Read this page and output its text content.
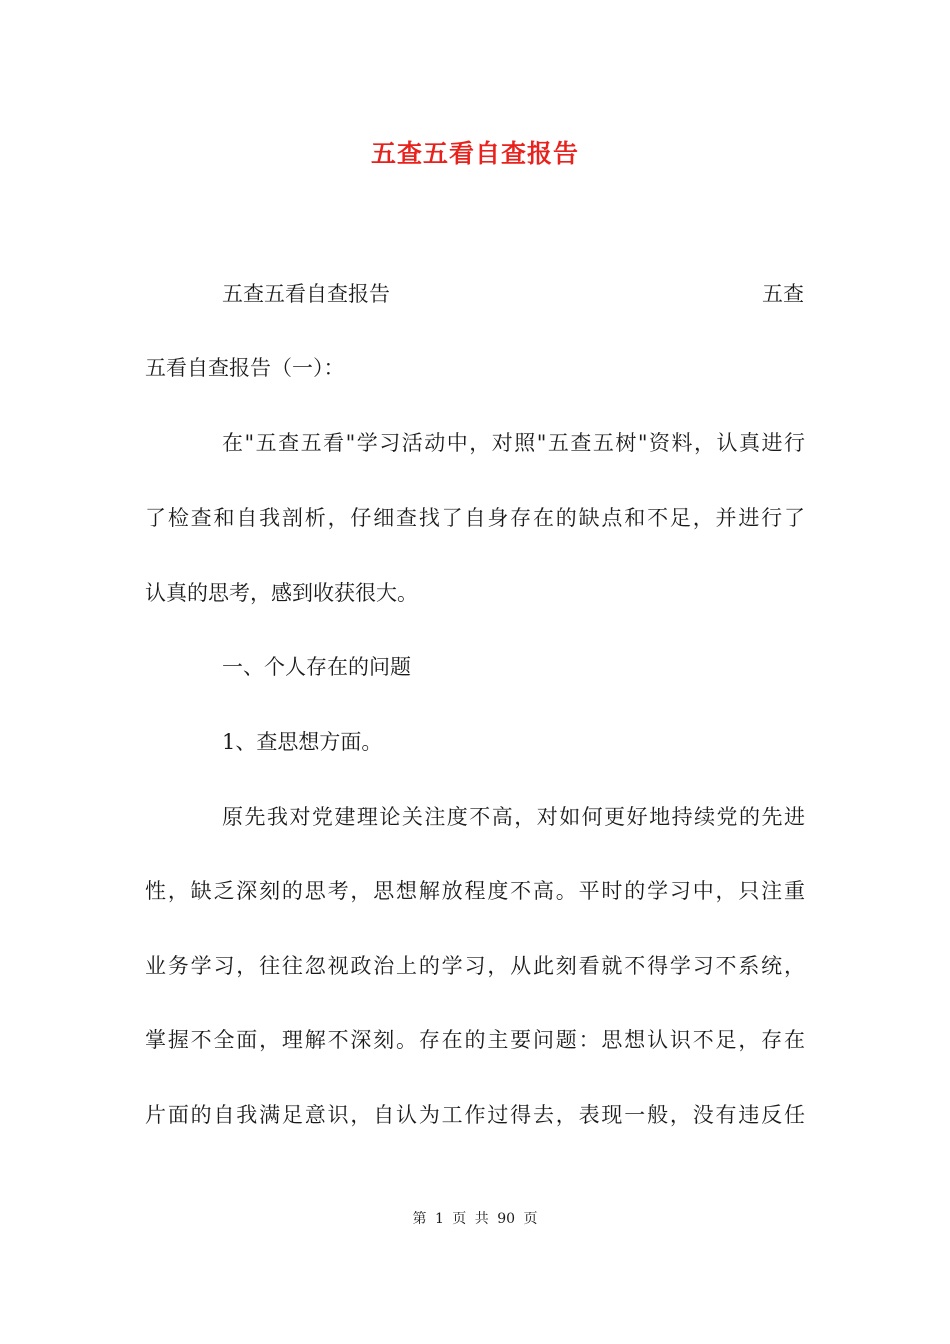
五查五看自查报告
五查五看自查报告	五查
五看自查报告（一）：
在"五查五看"学习活动中，对照"五查五树"资料，认真进行
了检查和自我剖析，仔细查找了自身存在的缺点和不足，并进行了
认真的思考，感到收获很大。
一、个人存在的问题
1、查思想方面。
原先我对党建理论关注度不高，对如何更好地持续党的先进
性，缺乏深刻的思考，思想解放程度不高。平时的学习中，只注重
业务学习，往往忽视政治上的学习，从此刻看就不得学习不系统，
掌握不全面，理解不深刻。存在的主要问题：思想认识不足，存在
片面的自我满足意识，自认为工作过得去，表现一般，没有违反任
第 1 页 共 90 页
